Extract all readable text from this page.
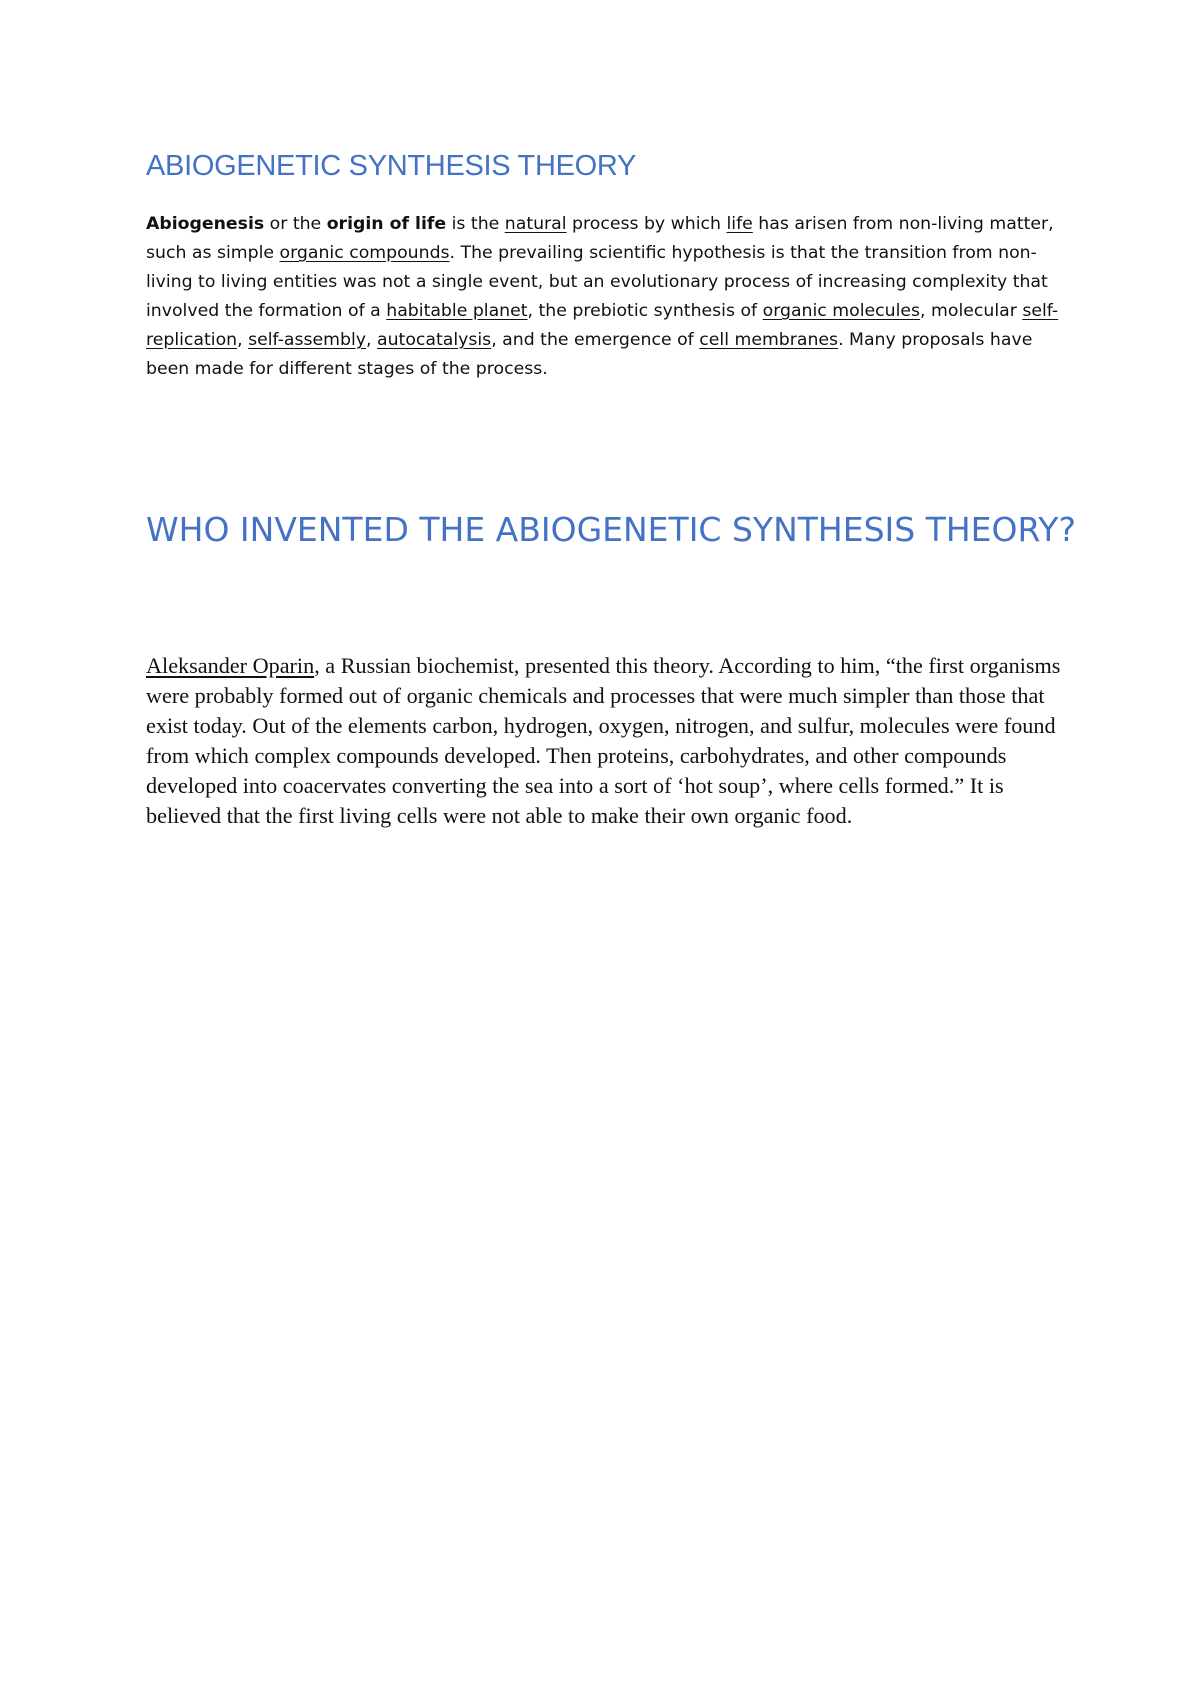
ABIOGENETIC SYNTHESIS THEORY

Abiogenesis or the origin of life is the natural process by which life has arisen from non-living matter, such as simple organic compounds. The prevailing scientific hypothesis is that the transition from non-living to living entities was not a single event, but an evolutionary process of increasing complexity that involved the formation of a habitable planet, the prebiotic synthesis of organic molecules, molecular self-replication, self-assembly, autocatalysis, and the emergence of cell membranes. Many proposals have been made for different stages of the process.

WHO INVENTED THE ABIOGENETIC SYNTHESIS THEORY?

Aleksander Oparin, a Russian biochemist, presented this theory. According to him, “the first organisms were probably formed out of organic chemicals and processes that were much simpler than those that exist today. Out of the elements carbon, hydrogen, oxygen, nitrogen, and sulfur, molecules were found from which complex compounds developed. Then proteins, carbohydrates, and other compounds developed into coacervates converting the sea into a sort of ‘hot soup’, where cells formed.” It is believed that the first living cells were not able to make their own organic food.
